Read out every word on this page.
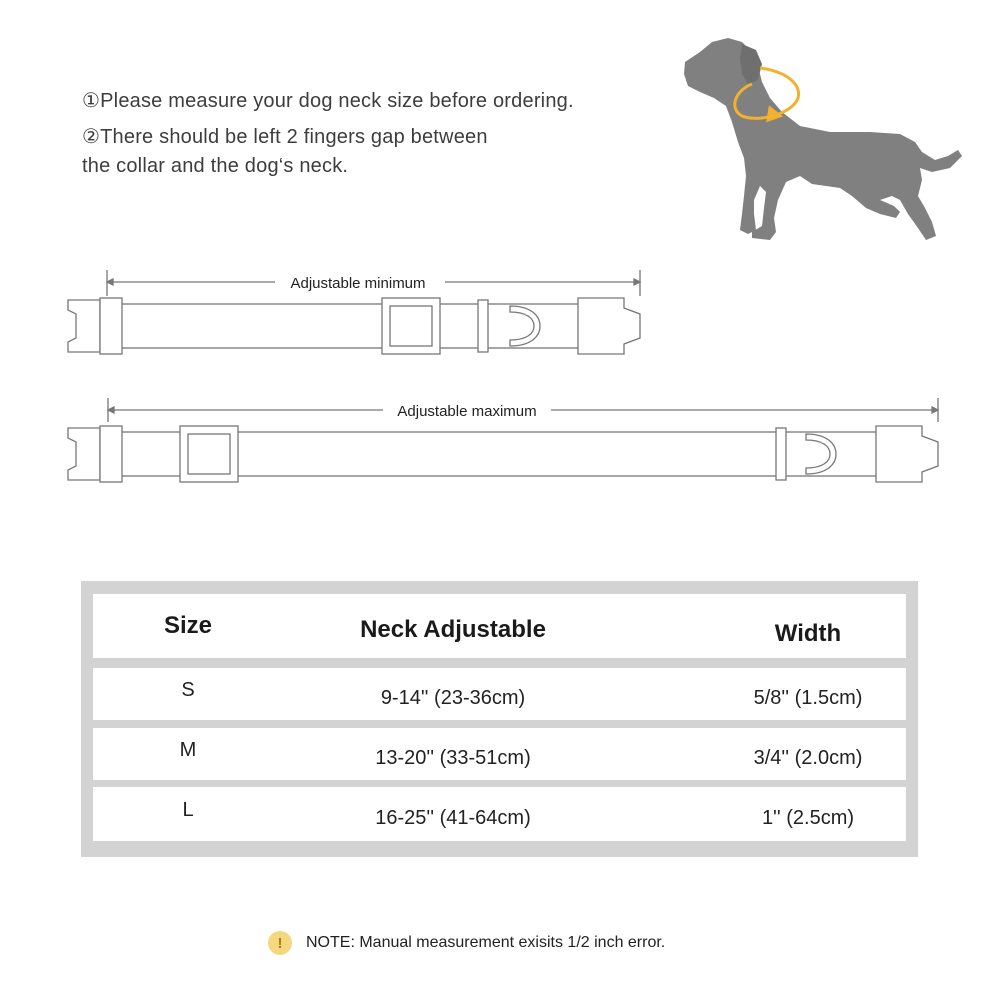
①Please measure your dog neck size before ordering.
②There should be left 2 fingers gap between
the collar and the dog‘s neck.
Adjustable minimum
Adjustable maximum
Size	Neck Adjustable	Width
S	9-14'' (23-36cm)	5/8'' (1.5cm)
M	13-20'' (33-51cm)	3/4'' (2.0cm)
L	16-25'' (41-64cm)	1'' (2.5cm)
!	NOTE: Manual measurement exisits 1/2 inch error.
